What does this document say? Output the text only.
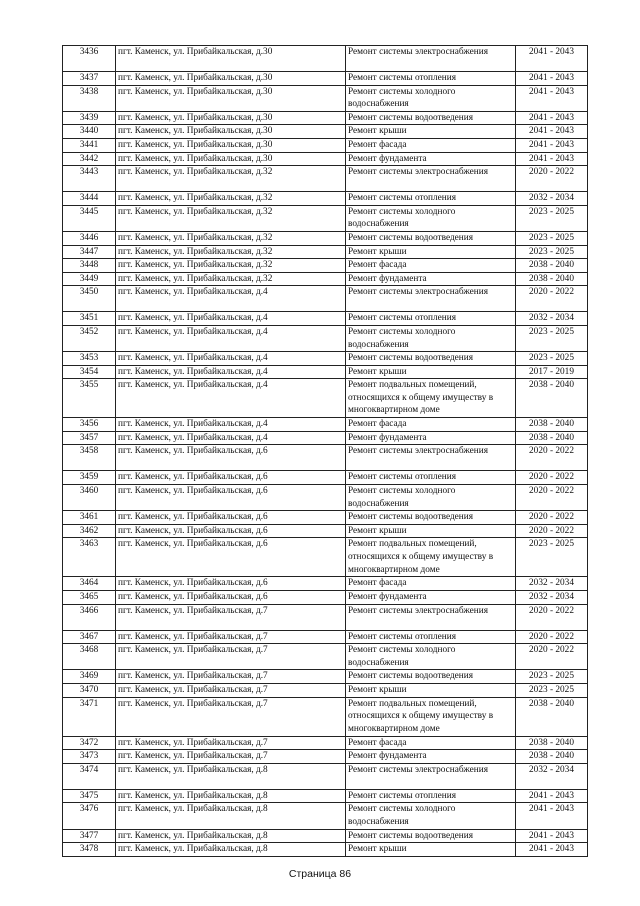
3436	пгт. Каменск, ул. Прибайкальская, д.30	Ремонт системы электроснабжения	2041 - 2043
3437	пгт. Каменск, ул. Прибайкальская, д.30	Ремонт системы отопления	2041 - 2043
3438	пгт. Каменск, ул. Прибайкальская, д.30	Ремонт системы холодного водоснабжения	2041 - 2043
3439	пгт. Каменск, ул. Прибайкальская, д.30	Ремонт системы водоотведения	2041 - 2043
3440	пгт. Каменск, ул. Прибайкальская, д.30	Ремонт крыши	2041 - 2043
3441	пгт. Каменск, ул. Прибайкальская, д.30	Ремонт фасада	2041 - 2043
3442	пгт. Каменск, ул. Прибайкальская, д.30	Ремонт фундамента	2041 - 2043
3443	пгт. Каменск, ул. Прибайкальская, д.32	Ремонт системы электроснабжения	2020 - 2022
3444	пгт. Каменск, ул. Прибайкальская, д.32	Ремонт системы отопления	2032 - 2034
3445	пгт. Каменск, ул. Прибайкальская, д.32	Ремонт системы холодного водоснабжения	2023 - 2025
3446	пгт. Каменск, ул. Прибайкальская, д.32	Ремонт системы водоотведения	2023 - 2025
3447	пгт. Каменск, ул. Прибайкальская, д.32	Ремонт крыши	2023 - 2025
3448	пгт. Каменск, ул. Прибайкальская, д.32	Ремонт фасада	2038 - 2040
3449	пгт. Каменск, ул. Прибайкальская, д.32	Ремонт фундамента	2038 - 2040
3450	пгт. Каменск, ул. Прибайкальская, д.4	Ремонт системы электроснабжения	2020 - 2022
3451	пгт. Каменск, ул. Прибайкальская, д.4	Ремонт системы отопления	2032 - 2034
3452	пгт. Каменск, ул. Прибайкальская, д.4	Ремонт системы холодного водоснабжения	2023 - 2025
3453	пгт. Каменск, ул. Прибайкальская, д.4	Ремонт системы водоотведения	2023 - 2025
3454	пгт. Каменск, ул. Прибайкальская, д.4	Ремонт крыши	2017 - 2019
3455	пгт. Каменск, ул. Прибайкальская, д.4	Ремонт подвальных помещений, относящихся к общему имуществу в многоквартирном доме	2038 - 2040
3456	пгт. Каменск, ул. Прибайкальская, д.4	Ремонт фасада	2038 - 2040
3457	пгт. Каменск, ул. Прибайкальская, д.4	Ремонт фундамента	2038 - 2040
3458	пгт. Каменск, ул. Прибайкальская, д.6	Ремонт системы электроснабжения	2020 - 2022
3459	пгт. Каменск, ул. Прибайкальская, д.6	Ремонт системы отопления	2020 - 2022
3460	пгт. Каменск, ул. Прибайкальская, д.6	Ремонт системы холодного водоснабжения	2020 - 2022
3461	пгт. Каменск, ул. Прибайкальская, д.6	Ремонт системы водоотведения	2020 - 2022
3462	пгт. Каменск, ул. Прибайкальская, д.6	Ремонт крыши	2020 - 2022
3463	пгт. Каменск, ул. Прибайкальская, д.6	Ремонт подвальных помещений, относящихся к общему имуществу в многоквартирном доме	2023 - 2025
3464	пгт. Каменск, ул. Прибайкальская, д.6	Ремонт фасада	2032 - 2034
3465	пгт. Каменск, ул. Прибайкальская, д.6	Ремонт фундамента	2032 - 2034
3466	пгт. Каменск, ул. Прибайкальская, д.7	Ремонт системы электроснабжения	2020 - 2022
3467	пгт. Каменск, ул. Прибайкальская, д.7	Ремонт системы отопления	2020 - 2022
3468	пгт. Каменск, ул. Прибайкальская, д.7	Ремонт системы холодного водоснабжения	2020 - 2022
3469	пгт. Каменск, ул. Прибайкальская, д.7	Ремонт системы водоотведения	2023 - 2025
3470	пгт. Каменск, ул. Прибайкальская, д.7	Ремонт крыши	2023 - 2025
3471	пгт. Каменск, ул. Прибайкальская, д.7	Ремонт подвальных помещений, относящихся к общему имуществу в многоквартирном доме	2038 - 2040
3472	пгт. Каменск, ул. Прибайкальская, д.7	Ремонт фасада	2038 - 2040
3473	пгт. Каменск, ул. Прибайкальская, д.7	Ремонт фундамента	2038 - 2040
3474	пгт. Каменск, ул. Прибайкальская, д.8	Ремонт системы электроснабжения	2032 - 2034
3475	пгт. Каменск, ул. Прибайкальская, д.8	Ремонт системы отопления	2041 - 2043
3476	пгт. Каменск, ул. Прибайкальская, д.8	Ремонт системы холодного водоснабжения	2041 - 2043
3477	пгт. Каменск, ул. Прибайкальская, д.8	Ремонт системы водоотведения	2041 - 2043
3478	пгт. Каменск, ул. Прибайкальская, д.8	Ремонт крыши	2041 - 2043
Страница 86
